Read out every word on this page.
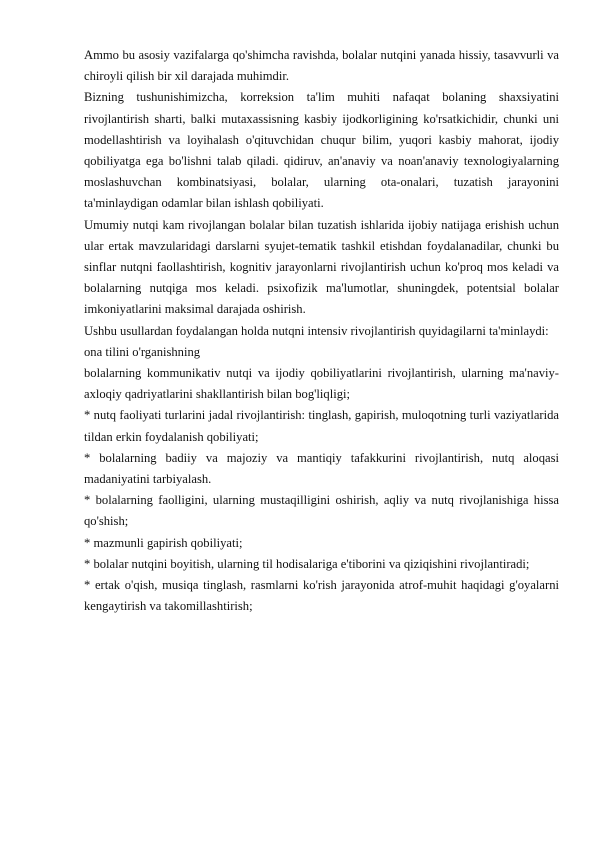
Ammo bu asosiy vazifalarga qo'shimcha ravishda, bolalar nutqini yanada hissiy, tasavvurli va chiroyli qilish bir xil darajada muhimdir.

Bizning tushunishimizcha, korreksion ta'lim muhiti nafaqat bolaning shaxsiyatini rivojlantirish sharti, balki mutaxassisning kasbiy ijodkorligining ko'rsatkichidir, chunki uni modellashtirish va loyihalash o'qituvchidan chuqur bilim, yuqori kasbiy mahorat, ijodiy qobiliyatga ega bo'lishni talab qiladi. qidiruv, an'anaviy va noan'anaviy texnologiyalarning moslashuvchan kombinatsiyasi, bolalar, ularning ota-onalari, tuzatish jarayonini ta'minlaydigan odamlar bilan ishlash qobiliyati.

Umumiy nutqi kam rivojlangan bolalar bilan tuzatish ishlarida ijobiy natijaga erishish uchun ular ertak mavzularidagi darslarni syujet-tematik tashkil etishdan foydalanadilar, chunki bu sinflar nutqni faollashtirish, kognitiv jarayonlarni rivojlantirish uchun ko'proq mos keladi va bolalarning nutqiga mos keladi. psixofizik ma'lumotlar, shuningdek, potentsial bolalar imkoniyatlarini maksimal darajada oshirish.

Ushbu usullardan foydalangan holda nutqni intensiv rivojlantirish quyidagilarni ta'minlaydi:

ona tilini o'rganishning

bolalarning kommunikativ nutqi va ijodiy qobiliyatlarini rivojlantirish, ularning ma'naviy-axloqiy qadriyatlarini shakllantirish bilan bog'liqligi;

* nutq faoliyati turlarini jadal rivojlantirish: tinglash, gapirish, muloqotning turli vaziyatlarida tildan erkin foydalanish qobiliyati;

* bolalarning badiiy va majoziy va mantiqiy tafakkurini rivojlantirish, nutq aloqasi madaniyatini tarbiyalash.

* bolalarning faolligini, ularning mustaqilligini oshirish, aqliy va nutq rivojlanishiga hissa qo'shish;

* mazmunli gapirish qobiliyati;

* bolalar nutqini boyitish, ularning til hodisalariga e'tiborini va qiziqishini rivojlantiradi;

* ertak o'qish, musiqa tinglash, rasmlarni ko'rish jarayonida atrof-muhit haqidagi g'oyalarni kengaytirish va takomillashtirish;
